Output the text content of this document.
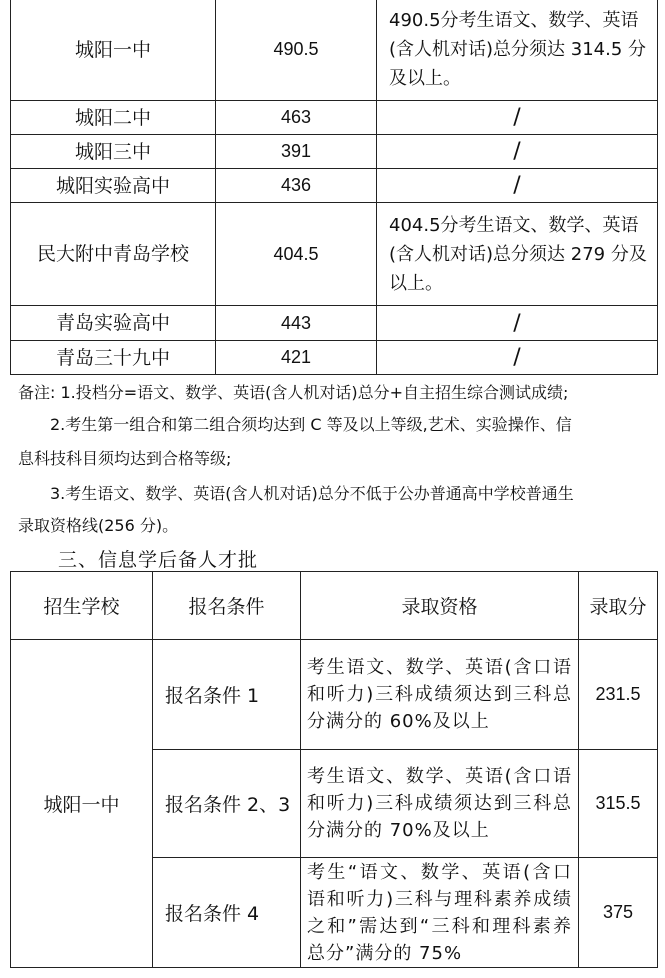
城阳一中	490.5	490.5分考生语文、数学、英语(含人机对话)总分须达 314.5 分及以上。
城阳二中	463	/
城阳三中	391	/
城阳实验高中	436	/
民大附中青岛学校	404.5	404.5分考生语文、数学、英语(含人机对话)总分须达 279 分及以上。
青岛实验高中	443	/
青岛三十九中	421	/
备注: 1.投档分=语文、数学、英语(含人机对话)总分+自主招生综合测试成绩;
2.考生第一组合和第二组合须均达到 C 等及以上等级,艺术、实验操作、信
息科技科目须均达到合格等级;
3.考生语文、数学、英语(含人机对话)总分不低于公办普通高中学校普通生
录取资格线(256 分)。
三、信息学后备人才批
招生学校	报名条件	录取资格	录取分
城阳一中	报名条件 1	考生语文、数学、英语(含口语和听力)三科成绩须达到三科总分满分的 60%及以上	231.5
	报名条件 2、3	考生语文、数学、英语(含口语和听力)三科成绩须达到三科总分满分的 70%及以上	315.5
	报名条件 4	考生“语文、数学、英语(含口语和听力)三科与理科素养成绩之和”需达到“三科和理科素养总分”满分的 75%	375
